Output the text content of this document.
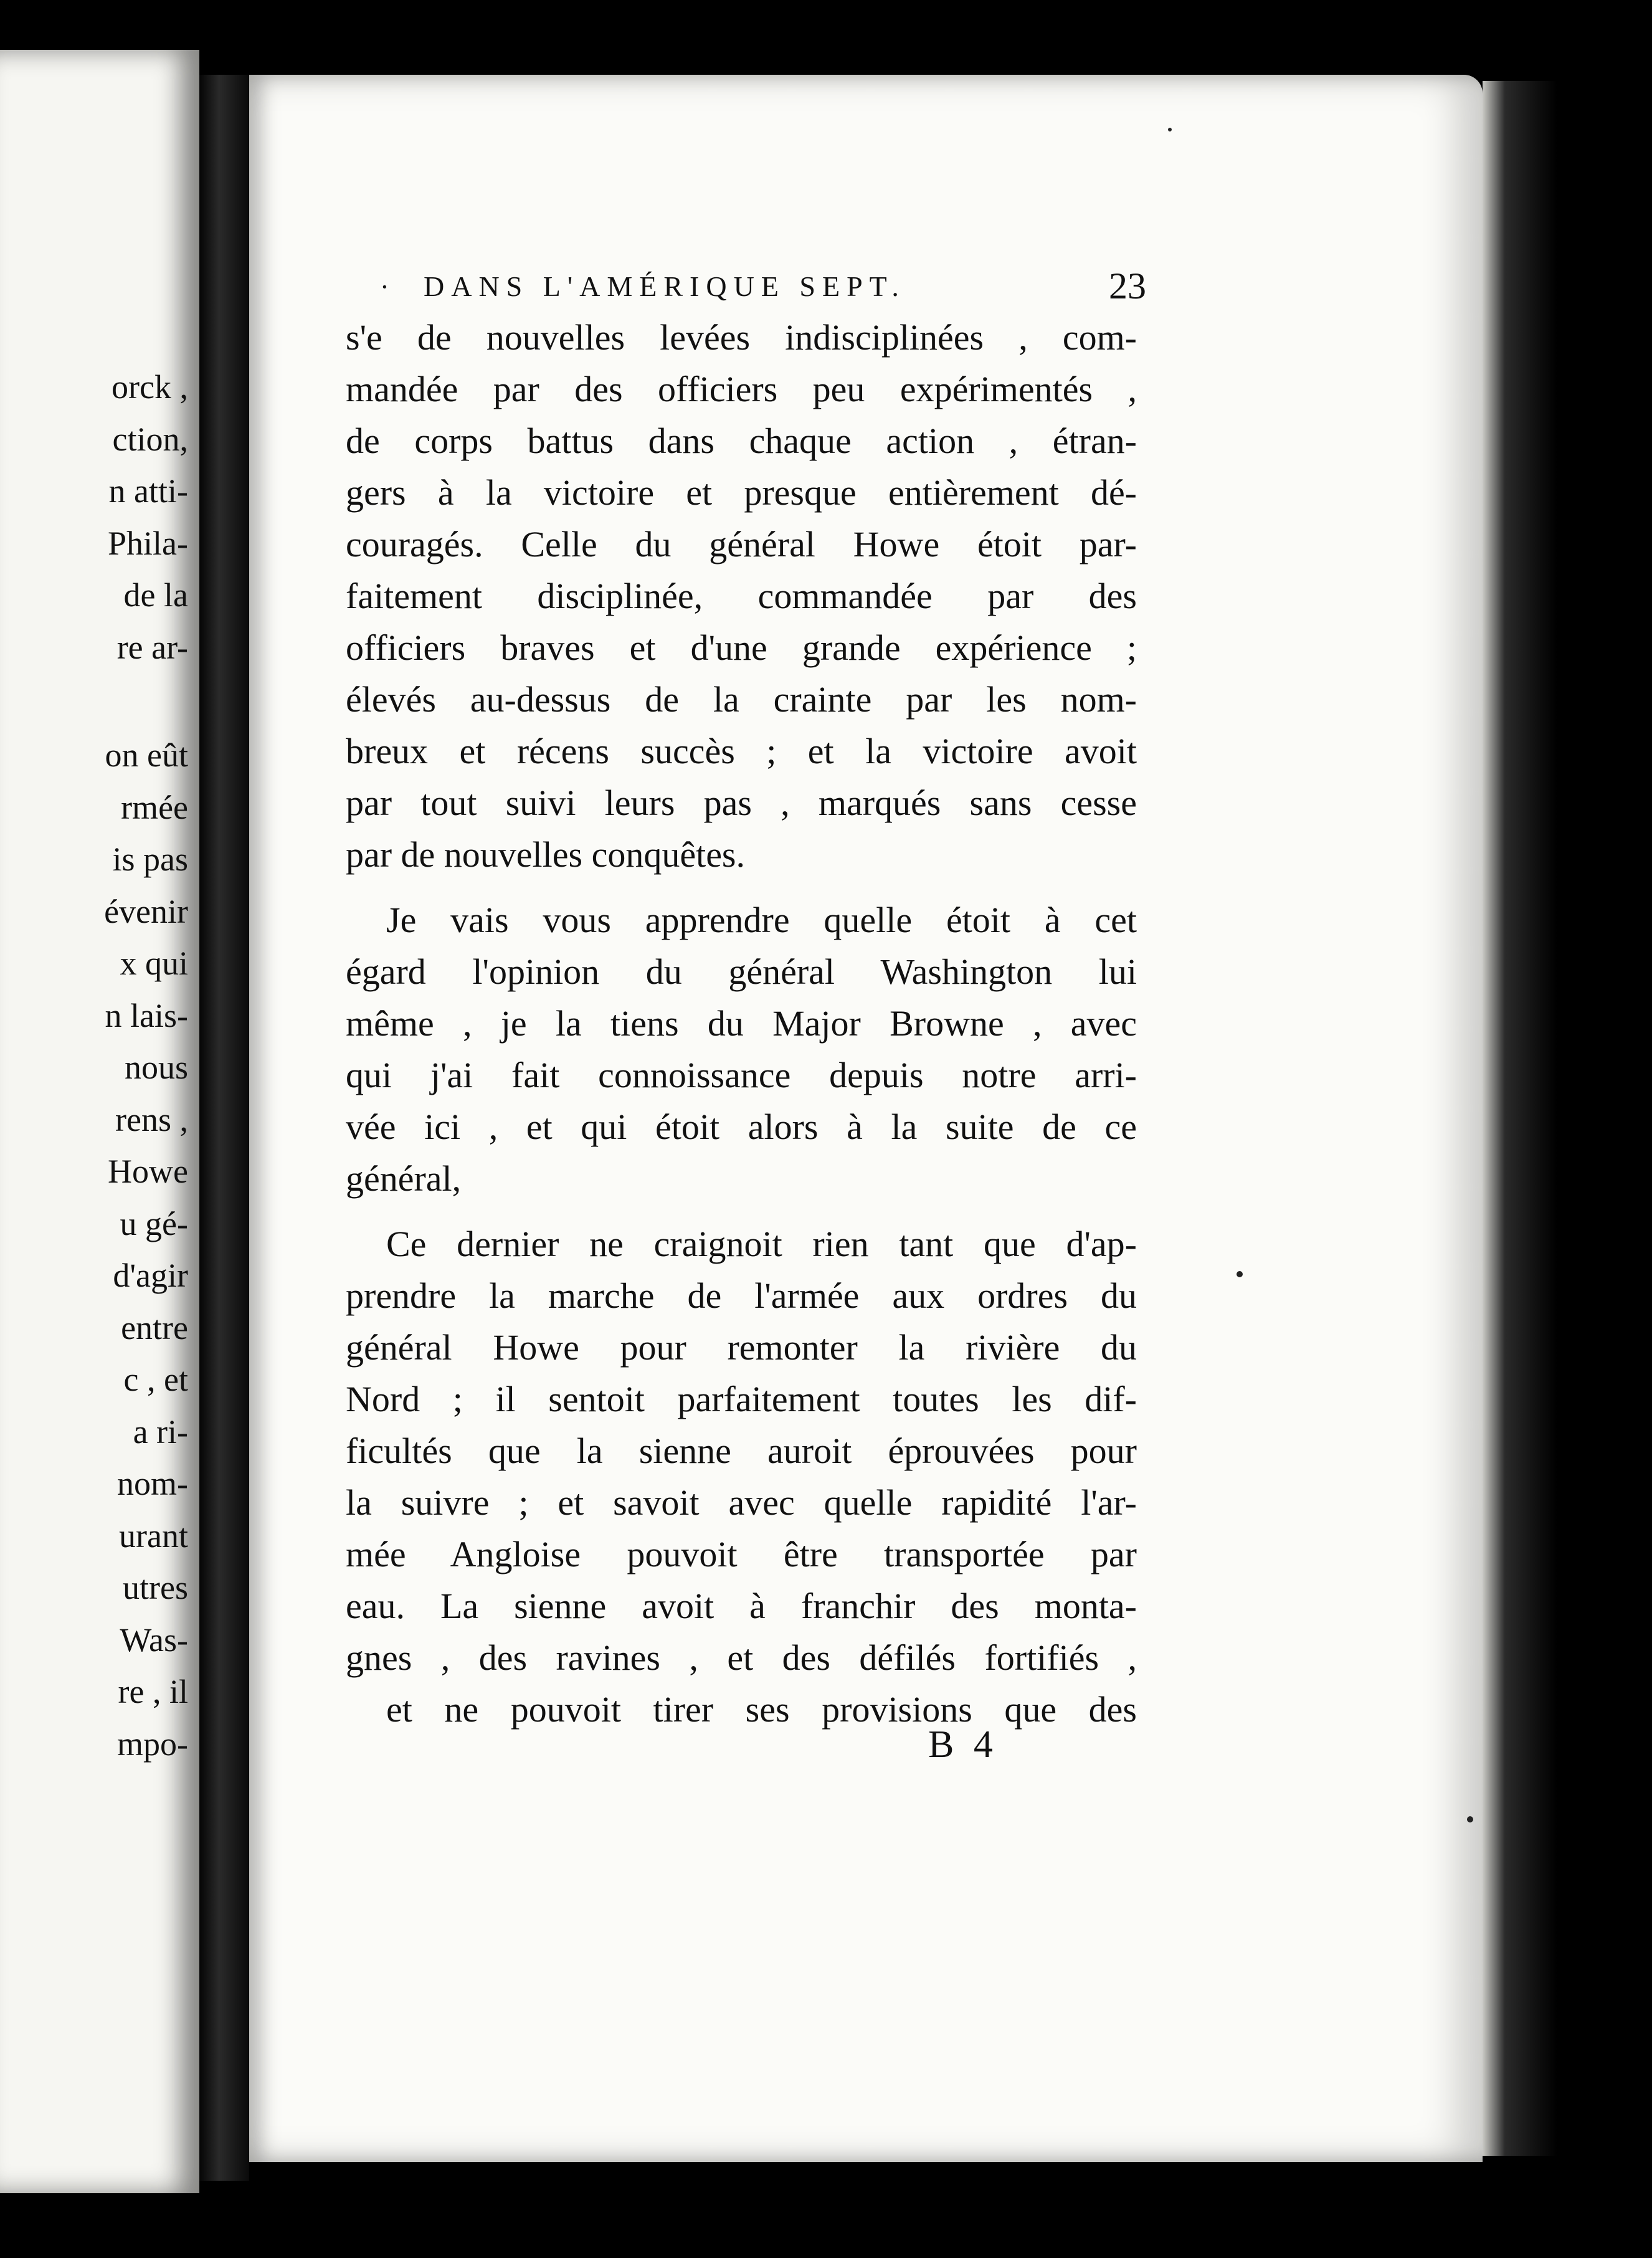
orck ,
ction,
n atti-
Phila-
de la
re ar-
on eût
rmée
is pas
évenir
x qui
n lais-
nous
rens ,
Howe
u gé-
d'agir
entre
c , et
a ri-
nom-
urant
utres
Was-
re , il
mpo-
· DANS L'AMÉRIQUE SEPT.	23
s'e de nouvelles levées indisciplinées , com-
mandée par des officiers peu expérimentés ,
de corps battus dans chaque action , étran-
gers à la victoire et presque entièrement dé-
couragés. Celle du général Howe étoit par-
faitement disciplinée, commandée par des
officiers braves et d'une grande expérience ;
élevés au-dessus de la crainte par les nom-
breux et récens succès ; et la victoire avoit
par tout suivi leurs pas , marqués sans cesse
par de nouvelles conquêtes.
Je vais vous apprendre quelle étoit à cet
égard l'opinion du général Washington lui
même , je la tiens du Major Browne , avec
qui j'ai fait connoissance depuis notre arri-
vée ici , et qui étoit alors à la suite de ce
général,
Ce dernier ne craignoit rien tant que d'ap-
prendre la marche de l'armée aux ordres du
général Howe pour remonter la rivière du
Nord ; il sentoit parfaitement toutes les dif-
ficultés que la sienne auroit éprouvées pour
la suivre ; et savoit avec quelle rapidité l'ar-
mée Angloise pouvoit être transportée par
eau. La sienne avoit à franchir des monta-
gnes , des ravines , et des défilés fortifiés ,
et ne pouvoit tirer ses provisions que des
B 4
